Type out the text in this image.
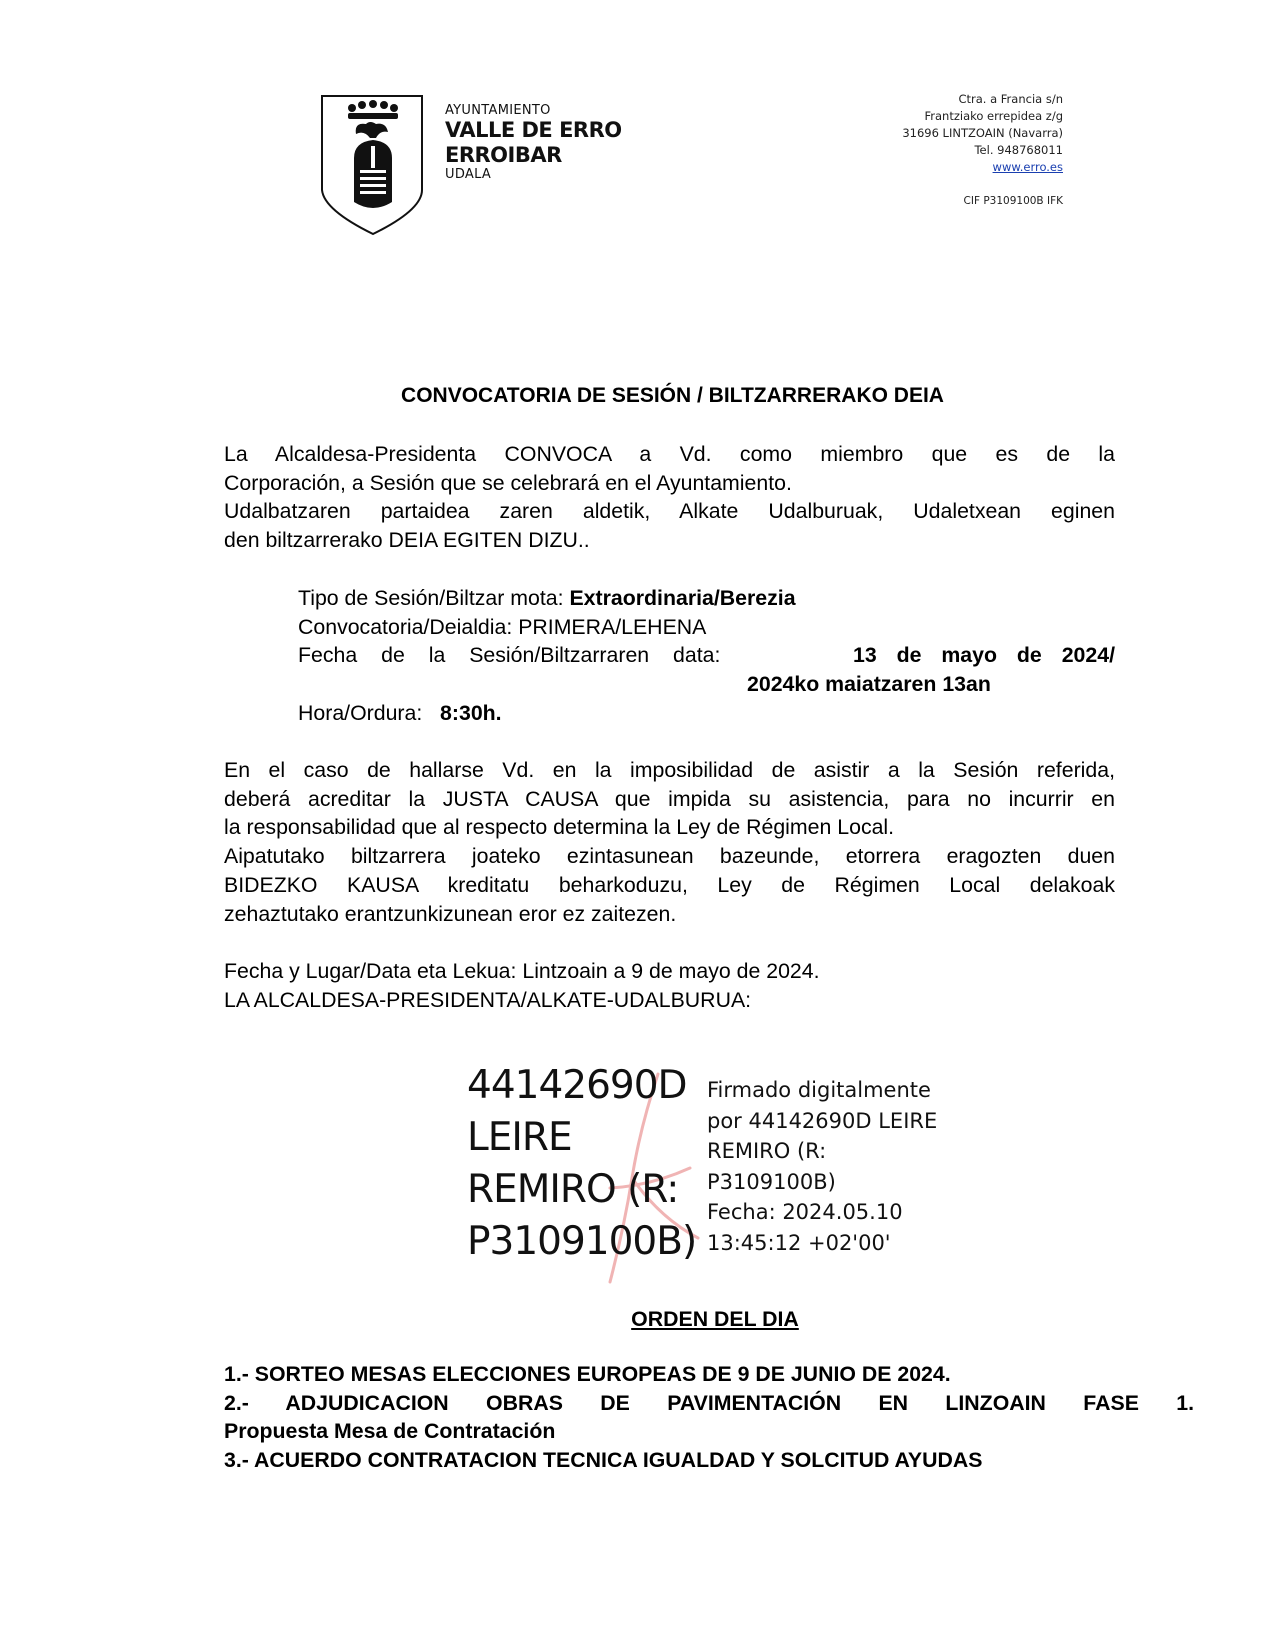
AYUNTAMIENTO
VALLE DE ERRO
ERROIBAR
UDALA
Ctra. a Francia s/n
Frantziako errepidea z/g
31696 LINTZOAIN (Navarra)
Tel. 948768011
www.erro.es
CIF P3109100B IFK
CONVOCATORIA DE SESIÓN / BILTZARRERAKO DEIA
La Alcaldesa-Presidenta CONVOCA a Vd. como miembro que es de la
Corporación, a Sesión que se celebrará en el Ayuntamiento.
Udalbatzaren partaidea zaren aldetik, Alkate Udalburuak, Udaletxean eginen
den biltzarrerako DEIA EGITEN DIZU..
Tipo de Sesión/Biltzar mota: Extraordinaria/Berezia
Convocatoria/Deialdia: PRIMERA/LEHENA
Fecha de la Sesión/Biltzarraren data:	13 de mayo de 2024/
2024ko maiatzaren 13an
Hora/Ordura:   8:30h.
En el caso de hallarse Vd. en la imposibilidad de asistir a la Sesión referida,
deberá acreditar la JUSTA CAUSA que impida su asistencia, para no incurrir en
la responsabilidad que al respecto determina la Ley de Régimen Local.
Aipatutako biltzarrera joateko ezintasunean bazeunde, etorrera eragozten duen
BIDEZKO KAUSA kreditatu beharkoduzu, Ley de Régimen Local delakoak
zehaztutako erantzunkizunean eror ez zaitezen.
Fecha y Lugar/Data eta Lekua: Lintzoain a 9 de mayo de 2024.
LA ALCALDESA-PRESIDENTA/ALKATE-UDALBURUA:
44142690D
LEIRE
REMIRO (R:
P3109100B)
Firmado digitalmente
por 44142690D LEIRE
REMIRO (R:
P3109100B)
Fecha: 2024.05.10
13:45:12 +02'00'
ORDEN DEL DIA
1.- SORTEO MESAS ELECCIONES EUROPEAS DE 9 DE JUNIO DE 2024.
2.- ADJUDICACION OBRAS DE PAVIMENTACIÓN EN LINZOAIN FASE 1.
Propuesta Mesa de Contratación
3.- ACUERDO CONTRATACION TECNICA IGUALDAD Y SOLCITUD AYUDAS
